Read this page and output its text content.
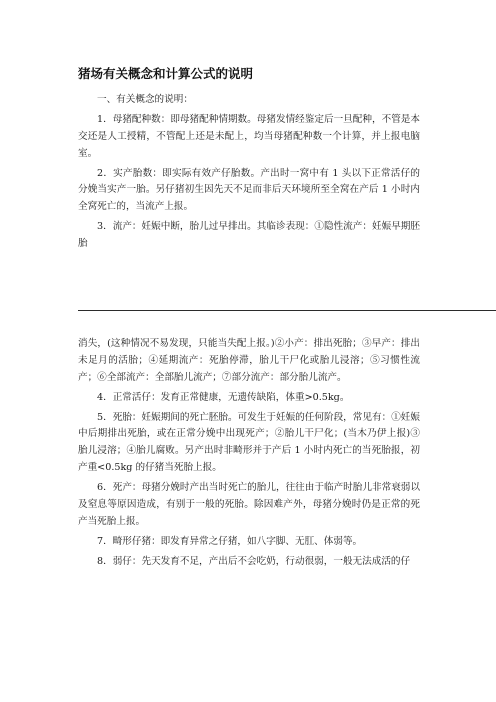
猪场有关概念和计算公式的说明

一、有关概念的说明：

1．母猪配种数：即母猪配种情期数。母猪发情经鉴定后一旦配种，不管是本交还是人工授精，不管配上还是未配上，均当母猪配种数一个计算，并上报电脑室。

2．实产胎数：即实际有效产仔胎数。产出时一窝中有 1 头以下正常活仔的分娩当实产一胎。另仔猪初生因先天不足而非后天环境所至全窝在产后 1 小时内全窝死亡的，当流产上报。

3．流产：妊娠中断，胎儿过早排出。其临诊表现：①隐性流产：妊娠早期胚胎

消失，(这种情况不易发现，只能当失配上报。)②小产：排出死胎；③早产：排出未足月的活胎；④延期流产：死胎停滞，胎儿干尸化或胎儿浸溶；⑤习惯性流产；⑥全部流产：全部胎儿流产；⑦部分流产：部分胎儿流产。

4．正常活仔：发育正常健康，无遗传缺陷，体重>0.5kg。

5．死胎：妊娠期间的死亡胚胎。可发生于妊娠的任何阶段，常见有：①妊娠中后期排出死胎，或在正常分娩中出现死产；②胎儿干尸化；(当木乃伊上报)③胎儿浸溶；④胎儿腐败。另产出时非畸形并于产后 1 小时内死亡的当死胎报，初产重<0.5kg 的仔猪当死胎上报。

6．死产：母猪分娩时产出当时死亡的胎儿，往往由于临产时胎儿非常衰弱以及窒息等原因造成，有别于一般的死胎。除因难产外，母猪分娩时仍是正常的死产当死胎上报。

7．畸形仔猪：即发育异常之仔猪，如八字脚、无肛、体弱等。

8．弱仔：先天发育不足，产出后不会吃奶，行动很弱，一般无法成活的仔
